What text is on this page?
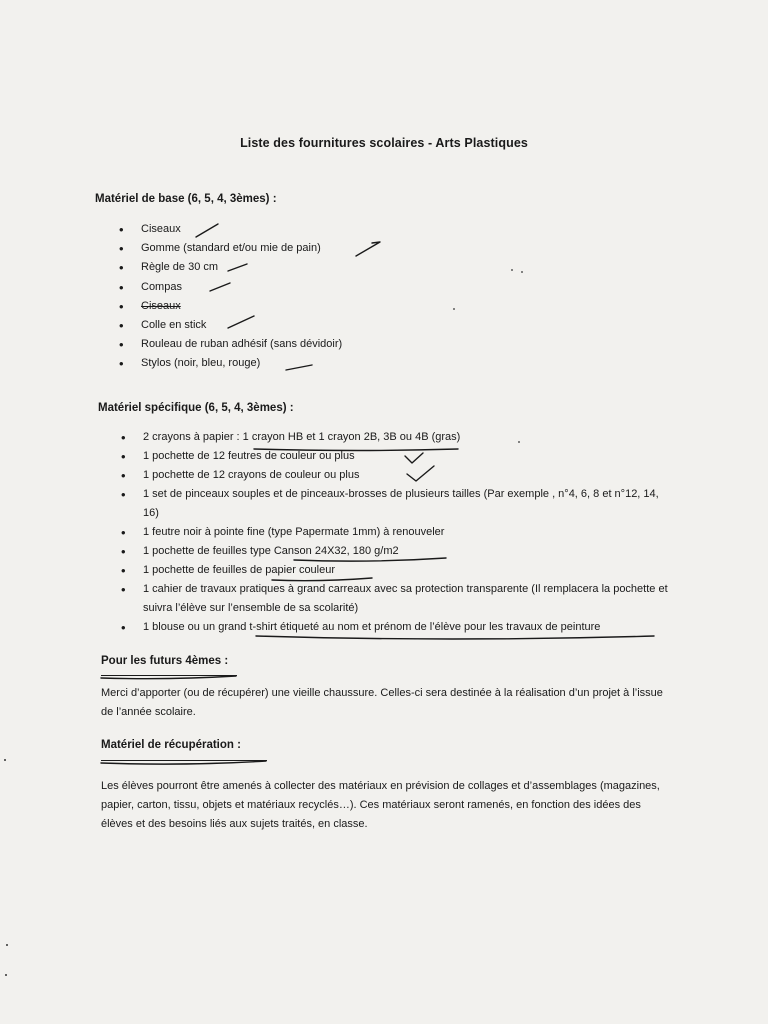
Liste des fournitures scolaires - Arts Plastiques
Matériel de base (6, 5, 4, 3èmes) :
• Ciseaux
• Gomme (standard et/ou mie de pain)
• Règle de 30 cm
• Compas
• Ciseaux
• Colle en stick
• Rouleau de ruban adhésif (sans dévidoir)
• Stylos (noir, bleu, rouge)
Matériel spécifique (6, 5, 4, 3èmes) :
• 2 crayons à papier : 1 crayon HB et 1 crayon 2B, 3B ou 4B (gras)
• 1 pochette de 12 feutres de couleur ou plus
• 1 pochette de 12 crayons de couleur ou plus
• 1 set de pinceaux souples et de pinceaux-brosses de plusieurs tailles (Par exemple , n°4, 6, 8 et n°12, 14, 16)
• 1 feutre noir à pointe fine (type Papermate 1mm) à renouveler
• 1 pochette de feuilles type Canson 24X32, 180 g/m2
• 1 pochette de feuilles de papier couleur
• 1 cahier de travaux pratiques à grand carreaux avec sa protection transparente (Il remplacera la pochette et suivra l’élève sur l’ensemble de sa scolarité)
• 1 blouse ou un grand t-shirt étiqueté au nom et prénom de l’élève pour les travaux de peinture
Pour les futurs 4èmes :

Merci d’apporter (ou de récupérer) une vieille chaussure. Celles-ci sera destinée à la réalisation d’un projet à l’issue de l’année scolaire.

Matériel de récupération :

Les élèves pourront être amenés à collecter des matériaux en prévision de collages et d’assemblages (magazines, papier, carton, tissu, objets et matériaux recyclés…). Ces matériaux seront ramenés, en fonction des idées des élèves et des besoins liés aux sujets traités, en classe.
